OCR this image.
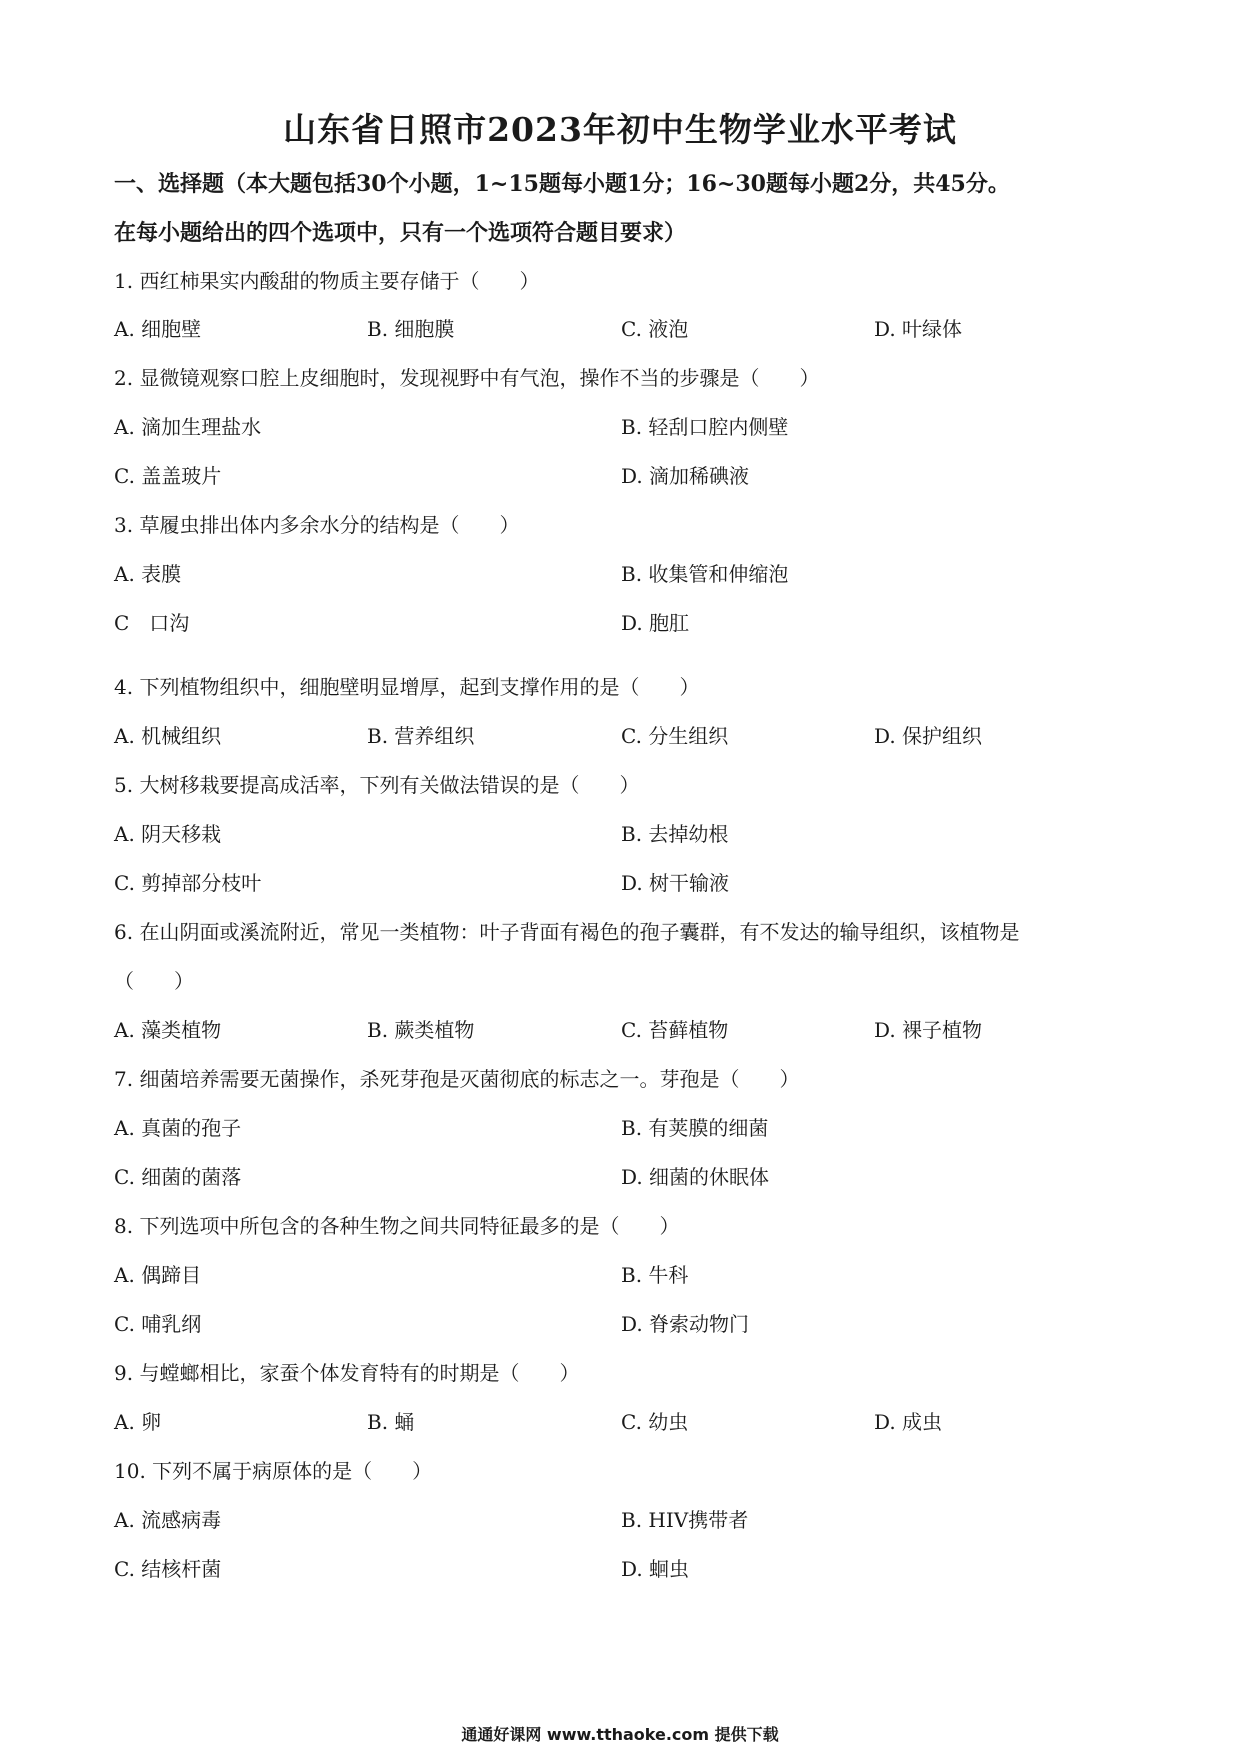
山东省日照市2023年初中生物学业水平考试
一、选择题（本大题包括30个小题，1~15题每小题1分；16~30题每小题2分，共45分。
在每小题给出的四个选项中，只有一个选项符合题目要求）
1. 西红柿果实内酸甜的物质主要存储于（　　）
A. 细胞壁	B. 细胞膜	C. 液泡	D. 叶绿体
2. 显微镜观察口腔上皮细胞时，发现视野中有气泡，操作不当的步骤是（　　）
A. 滴加生理盐水	B. 轻刮口腔内侧壁
C. 盖盖玻片	D. 滴加稀碘液
3. 草履虫排出体内多余水分的结构是（　　）
A. 表膜	B. 收集管和伸缩泡
C　口沟	D. 胞肛
4. 下列植物组织中，细胞壁明显增厚，起到支撑作用的是（　　）
A. 机械组织	B. 营养组织	C. 分生组织	D. 保护组织
5. 大树移栽要提高成活率，下列有关做法错误的是（　　）
A. 阴天移栽	B. 去掉幼根
C. 剪掉部分枝叶	D. 树干输液
6. 在山阴面或溪流附近，常见一类植物：叶子背面有褐色的孢子囊群，有不发达的输导组织，该植物是
（　　）
A. 藻类植物	B. 蕨类植物	C. 苔藓植物	D. 裸子植物
7. 细菌培养需要无菌操作，杀死芽孢是灭菌彻底的标志之一。芽孢是（　　）
A. 真菌的孢子	B. 有荚膜的细菌
C. 细菌的菌落	D. 细菌的休眠体
8. 下列选项中所包含的各种生物之间共同特征最多的是（　　）
A. 偶蹄目	B. 牛科
C. 哺乳纲	D. 脊索动物门
9. 与螳螂相比，家蚕个体发育特有的时期是（　　）
A. 卵	B. 蛹	C. 幼虫	D. 成虫
10. 下列不属于病原体的是（　　）
A. 流感病毒	B. HIV携带者
C. 结核杆菌	D. 蛔虫
通通好课网 www.tthaoke.com 提供下载
